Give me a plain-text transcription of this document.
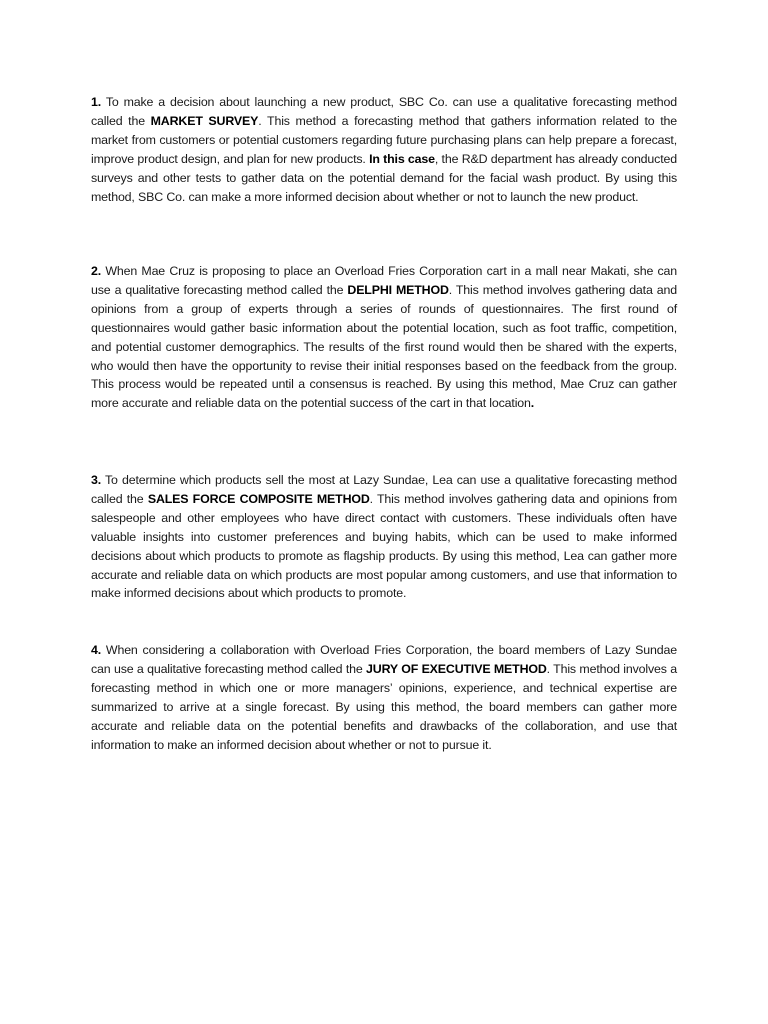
1. To make a decision about launching a new product, SBC Co. can use a qualitative forecasting method called the MARKET SURVEY. This method a forecasting method that gathers information related to the market from customers or potential customers regarding future purchasing plans can help prepare a forecast, improve product design, and plan for new products. In this case, the R&D department has already conducted surveys and other tests to gather data on the potential demand for the facial wash product. By using this method, SBC Co. can make a more informed decision about whether or not to launch the new product.

2. When Mae Cruz is proposing to place an Overload Fries Corporation cart in a mall near Makati, she can use a qualitative forecasting method called the DELPHI METHOD. This method involves gathering data and opinions from a group of experts through a series of rounds of questionnaires. The first round of questionnaires would gather basic information about the potential location, such as foot traffic, competition, and potential customer demographics. The results of the first round would then be shared with the experts, who would then have the opportunity to revise their initial responses based on the feedback from the group. This process would be repeated until a consensus is reached. By using this method, Mae Cruz can gather more accurate and reliable data on the potential success of the cart in that location.

3. To determine which products sell the most at Lazy Sundae, Lea can use a qualitative forecasting method called the SALES FORCE COMPOSITE METHOD. This method involves gathering data and opinions from salespeople and other employees who have direct contact with customers. These individuals often have valuable insights into customer preferences and buying habits, which can be used to make informed decisions about which products to promote as flagship products. By using this method, Lea can gather more accurate and reliable data on which products are most popular among customers, and use that information to make informed decisions about which products to promote.

4. When considering a collaboration with Overload Fries Corporation, the board members of Lazy Sundae can use a qualitative forecasting method called the JURY OF EXECUTIVE METHOD. This method involves a forecasting method in which one or more managers’ opinions, experience, and technical expertise are summarized to arrive at a single forecast. By using this method, the board members can gather more accurate and reliable data on the potential benefits and drawbacks of the collaboration, and use that information to make an informed decision about whether or not to pursue it.
